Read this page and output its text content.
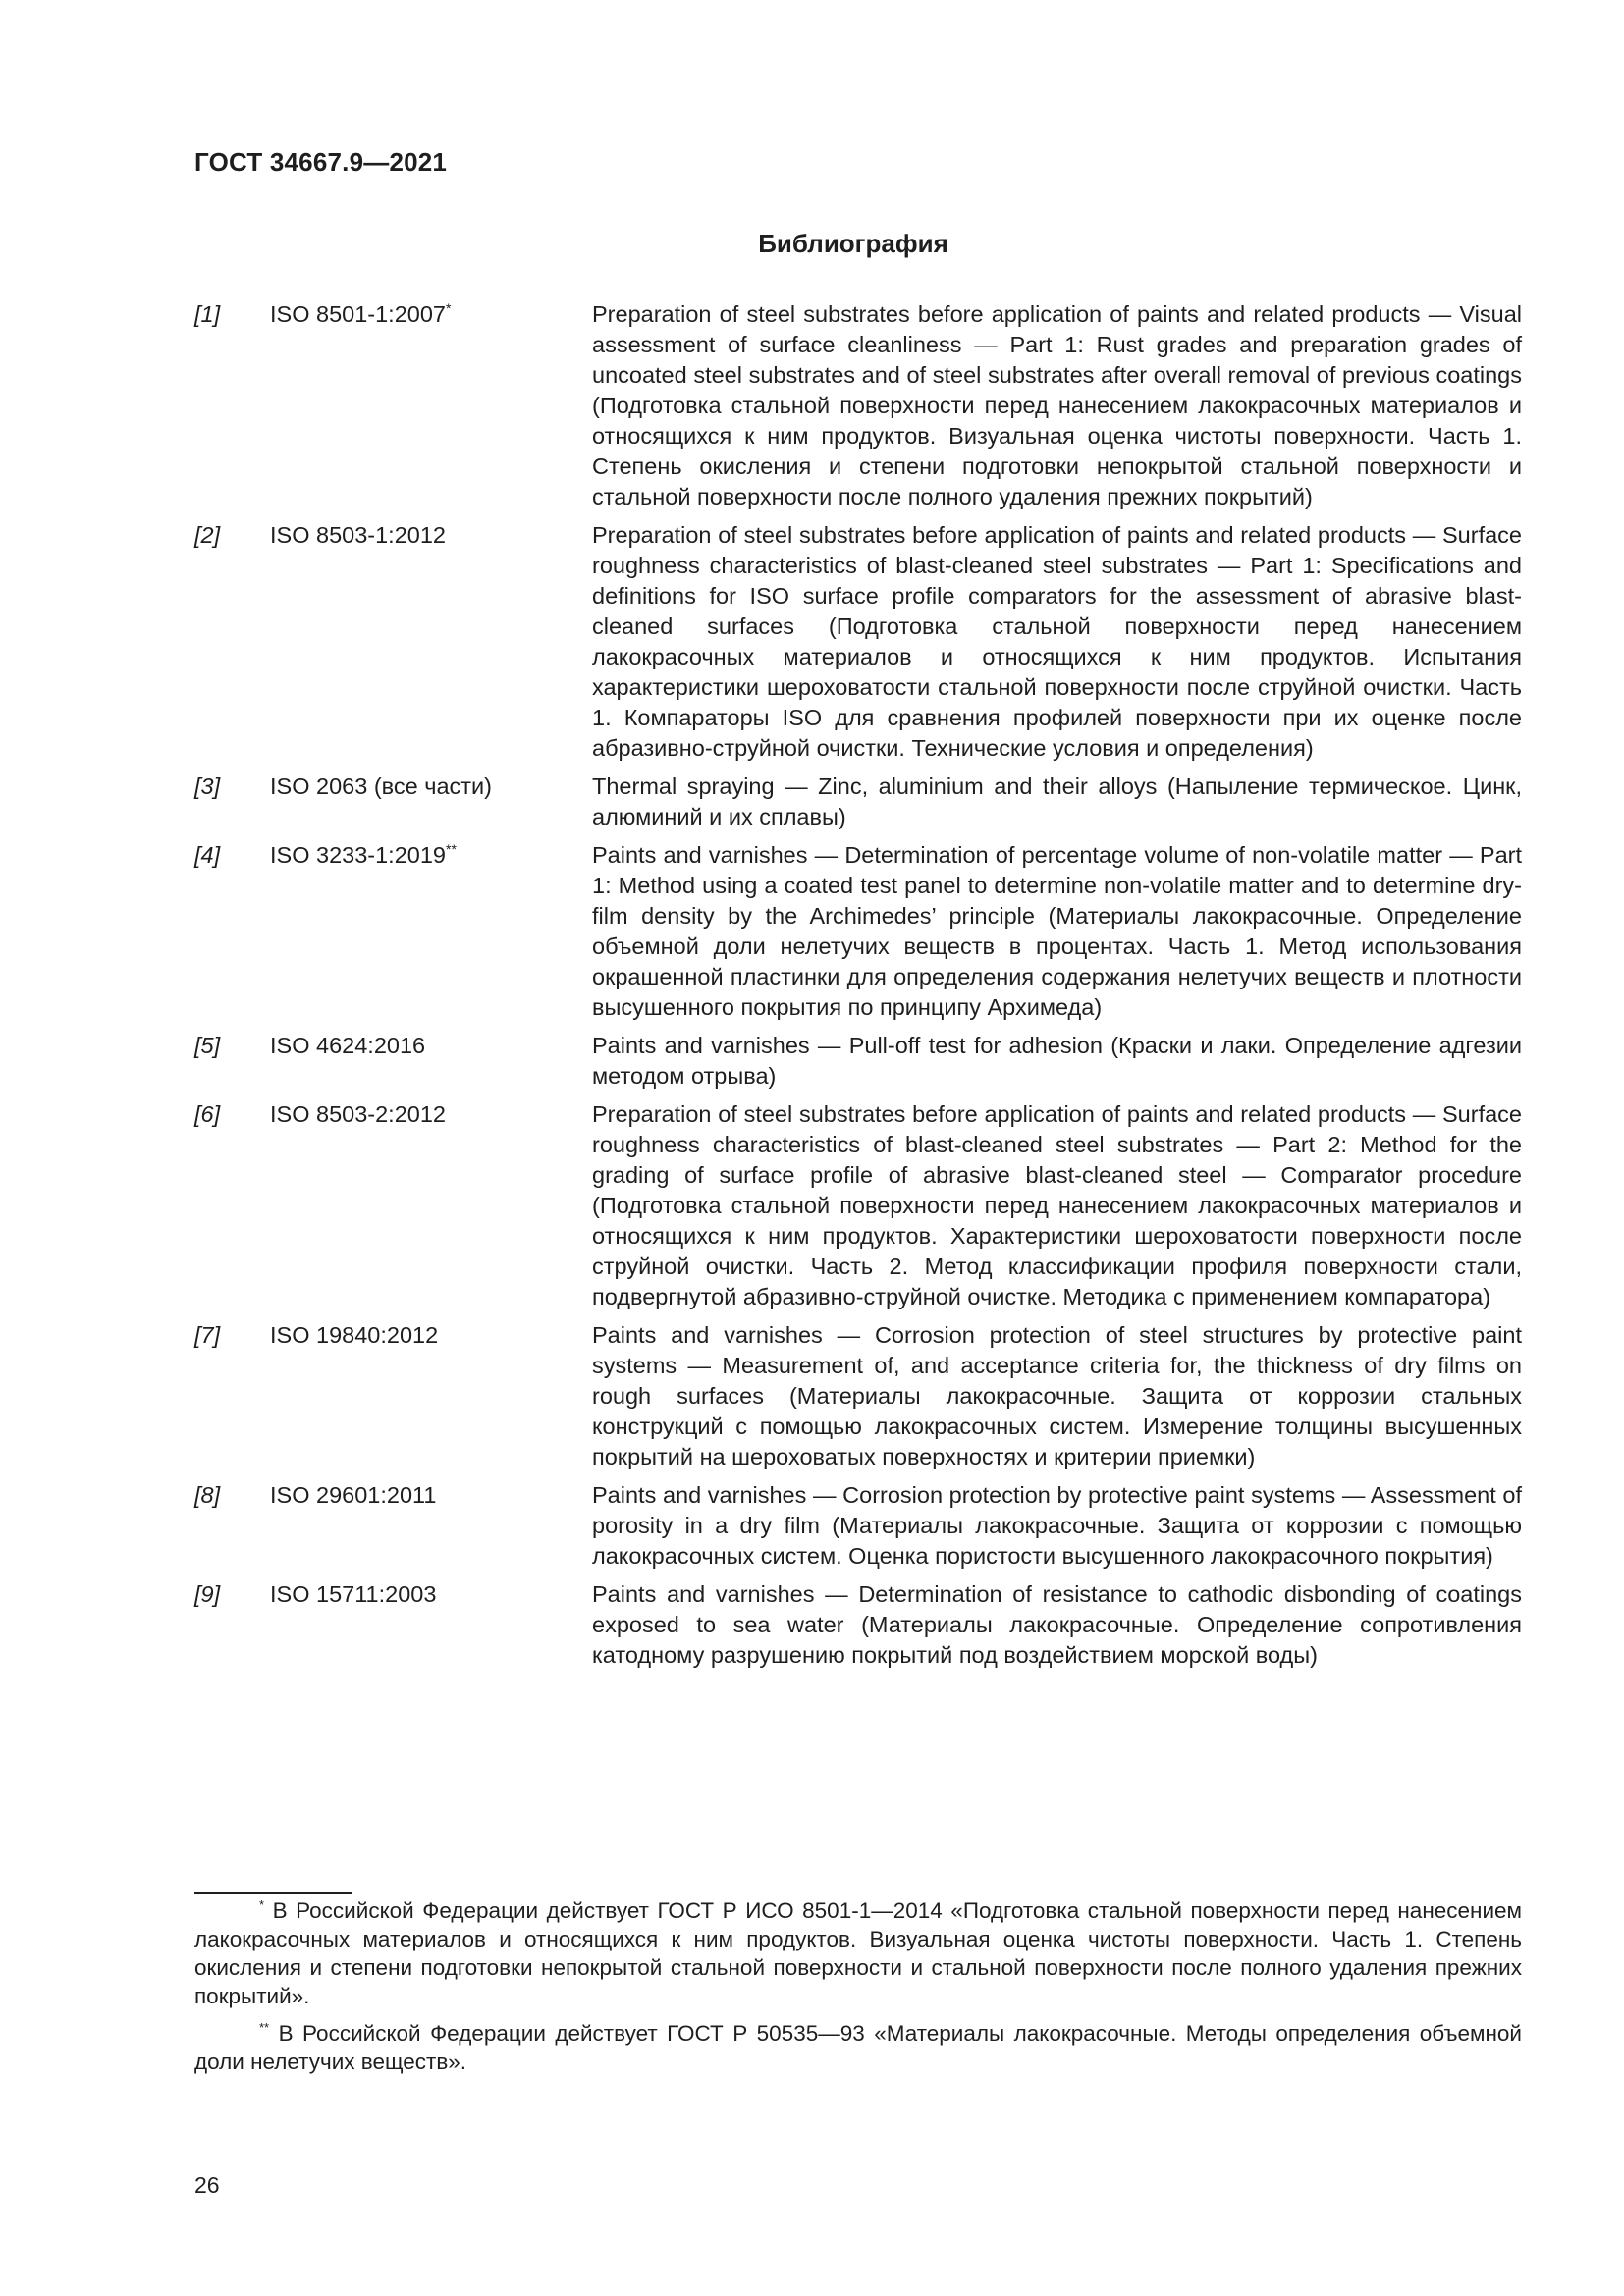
ГОСТ 34667.9—2021
Библиография
[1]	ISO 8501-1:2007*	Preparation of steel substrates before application of paints and related products — Visual assessment of surface cleanliness — Part 1: Rust grades and preparation grades of uncoated steel substrates and of steel substrates after overall removal of previous coatings (Подготовка стальной поверхности перед нанесением лакокрасочных материалов и относящихся к ним продуктов. Визуальная оценка чистоты поверхности. Часть 1. Степень окисления и степени подготовки непокрытой стальной поверхности и стальной поверхности после полного удаления прежних покрытий)
[2]	ISO 8503-1:2012	Preparation of steel substrates before application of paints and related products — Surface roughness characteristics of blast-cleaned steel substrates — Part 1: Speciﬁcations and definitions for ISO surface profile comparators for the assessment of abrasive blast-cleaned surfaces (Подготовка стальной поверхности перед нанесением лакокрасочных материалов и относящихся к ним продуктов. Испытания характеристики шероховатости стальной поверхности после струйной очистки. Часть 1. Компараторы ISO для сравнения профилей поверхности при их оценке после абразивно-струйной очистки. Технические условия и определения)
[3]	ISO 2063 (все части)	Thermal spraying — Zinc, aluminium and their alloys (Напыление термическое. Цинк, алюминий и их сплавы)
[4]	ISO 3233-1:2019**	Paints and varnishes — Determination of percentage volume of non-volatile matter — Part 1: Method using a coated test panel to determine non-volatile matter and to determine dry-film density by the Archimedes’ principle (Материалы лакокрасочные. Определение объемной доли нелетучих веществ в процентах. Часть 1. Метод использования окрашенной пластинки для определения содержания нелетучих веществ и плотности высушенного покрытия по принципу Архимеда)
[5]	ISO 4624:2016	Paints and varnishes — Pull-off test for adhesion (Краски и лаки. Определение адгезии методом отрыва)
[6]	ISO 8503-2:2012	Preparation of steel substrates before application of paints and related products — Surface roughness characteristics of blast-cleaned steel substrates — Part 2: Method for the grading of surface profile of abrasive blast-cleaned steel — Comparator procedure (Подготовка стальной поверхности перед нанесением лакокрасочных материалов и относящихся к ним продуктов. Характеристики шероховатости поверхности после струйной очистки. Часть 2. Метод классификации профиля поверхности стали, подвергнутой абразивно-струйной очистке. Методика с применением компаратора)
[7]	ISO 19840:2012	Paints and varnishes — Corrosion protection of steel structures by protective paint systems — Measurement of, and acceptance criteria for, the thickness of dry films on rough surfaces (Материалы лакокрасочные. Защита от коррозии стальных конструкций с помощью лакокрасочных систем. Измерение толщины высушенных покрытий на шероховатых поверхностях и критерии приемки)
[8]	ISO 29601:2011	Paints and varnishes — Corrosion protection by protective paint systems — Assessment of porosity in a dry film (Материалы лакокрасочные. Защита от коррозии с помощью лакокрасочных систем. Оценка пористости высушенного лакокрасочного покрытия)
[9]	ISO 15711:2003	Paints and varnishes — Determination of resistance to cathodic disbonding of coatings exposed to sea water (Материалы лакокрасочные. Определение сопротивления катодному разрушению покрытий под воздействием морской воды)

* В Российской Федерации действует ГОСТ Р ИСО 8501-1—2014 «Подготовка стальной поверхности перед нанесением лакокрасочных материалов и относящихся к ним продуктов. Визуальная оценка чистоты поверхности. Часть 1. Степень окисления и степени подготовки непокрытой стальной поверхности и стальной поверхности после полного удаления прежних покрытий».

** В Российской Федерации действует ГОСТ Р 50535—93 «Материалы лакокрасочные. Методы определения объемной доли нелетучих веществ».

26
